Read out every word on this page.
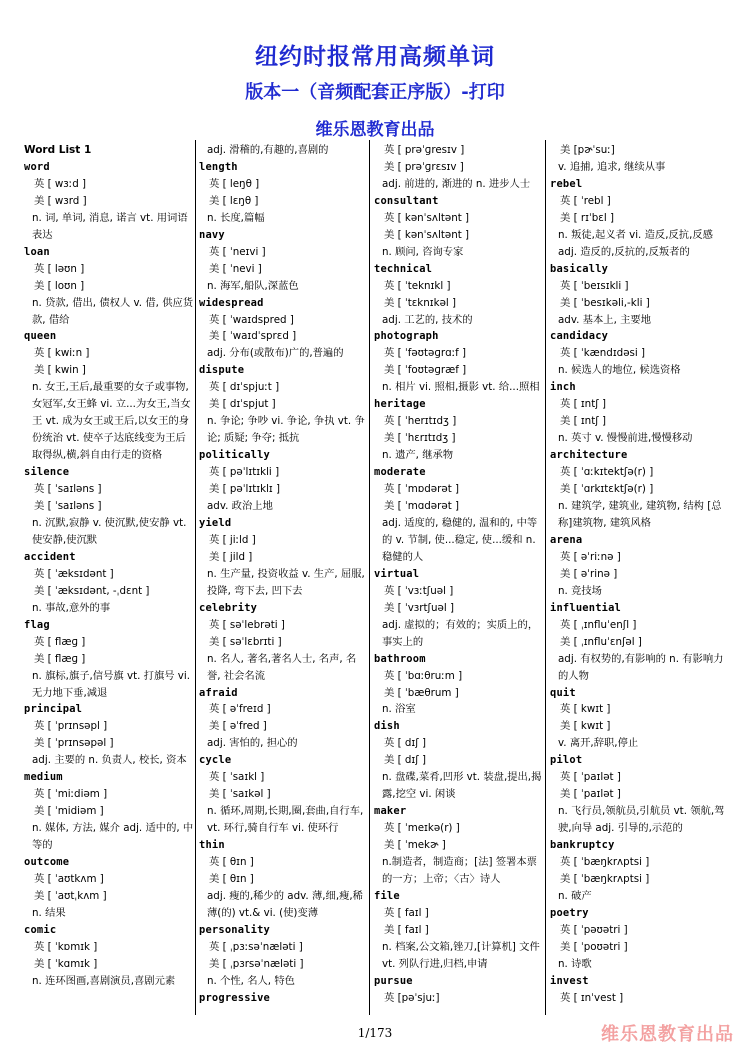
纽约时报常用高频单词
版本一（音频配套正序版）-打印
维乐恩教育出品
Word List 1
word
英 [ wɜːd ]
美 [ wɜrd ]
n. 词, 单词, 消息, 诺言 vt. 用词语表达
loan
英 [ ləʊn ]
美 [ loʊn ]
n. 贷款, 借出, 债权人 v. 借, 供应货款, 借给
queen
英 [ kwiːn ]
美 [ kwin ]
n. 女王,王后,最重要的女子或事物,女冠军,女王蜂 vi. 立...为女王,当女王 vt. 成为女王或王后,以女王的身份统治 vt. 使卒子达底线变为王后取得纵,横,斜自由行走的资格
silence
英 [ ˈsaɪləns ]
美 [ ˈsaɪləns ]
n. 沉默,寂静 v. 使沉默,使安静 vt. 使安静,使沉默
accident
英 [ ˈæksɪdənt ]
美 [ ˈæksɪdənt, -ˌdɛnt ]
n. 事故,意外的事
flag
英 [ flæɡ ]
美 [ flæɡ ]
n. 旗标,旗子,信号旗 vt. 打旗号 vi. 无力地下垂,减退
principal
英 [ ˈprɪnsəpl ]
美 [ ˈprɪnsəpəl ]
adj. 主要的 n. 负责人, 校长, 资本
medium
英 [ ˈmiːdiəm ]
美 [ ˈmidiəm ]
n. 媒体, 方法, 媒介 adj. 适中的, 中等的
outcome
英 [ ˈaʊtkʌm ]
美 [ ˈaʊtˌkʌm ]
n. 结果
comic
英 [ ˈkɒmɪk ]
美 [ ˈkɑmɪk ]
n. 连环图画,喜剧演员,喜剧元素
adj. 滑稽的,有趣的,喜剧的
length
英 [ leŋθ ]
美 [ lɛŋθ ]
n. 长度,篇幅
navy
英 [ ˈneɪvi ]
美 [ ˈnevi ]
n. 海军,船队,深蓝色
widespread
英 [ ˈwaɪdspred ]
美 [ ˈwaɪdˈsprɛd ]
adj. 分布(或散布)广的,普遍的
dispute
英 [ dɪˈspjuːt ]
美 [ dɪˈspjut ]
n. 争论; 争吵 vi. 争论, 争执 vt. 争论; 质疑; 争夺; 抵抗
politically
英 [ pəˈlɪtɪkli ]
美 [ pəˈlɪtɪklɪ ]
adv. 政治上地
yield
英 [ jiːld ]
美 [ jild ]
n. 生产量, 投资收益 v. 生产, 屈服, 投降, 弯下去, 凹下去
celebrity
英 [ səˈlebrəti ]
美 [ səˈlɛbrɪti ]
n. 名人, 著名,著名人士, 名声, 名誉, 社会名流
afraid
英 [ əˈfreɪd ]
美 [ əˈfred ]
adj. 害怕的, 担心的
cycle
英 [ ˈsaɪkl ]
美 [ ˈsaɪkəl ]
n. 循环,周期,长期,圈,套曲,自行车, vt. 环行,骑自行车 vi. 使环行
thin
英 [ θɪn ]
美 [ θɪn ]
adj. 瘦的,稀少的 adv. 薄,细,瘦,稀薄(的) vt.& vi. (使)变薄
personality
英 [ ˌpɜːsəˈnæləti ]
美 [ ˌpɜrsəˈnæləti ]
n. 个性, 名人, 特色
progressive
英 [ prəˈɡresɪv ]
美 [ prəˈɡrɛsɪv ]
adj. 前进的, 渐进的 n. 进步人士
consultant
英 [ kənˈsʌltənt ]
美 [ kənˈsʌltənt ]
n. 顾问, 咨询专家
technical
英 [ ˈteknɪkl ]
美 [ ˈtɛknɪkəl ]
adj. 工艺的, 技术的
photograph
英 [ ˈfəʊtəɡrɑːf ]
美 [ ˈfoʊtəɡræf ]
n. 相片 vi. 照相,摄影 vt. 给...照相
heritage
英 [ ˈherɪtɪdʒ ]
美 [ ˈhɛrɪtɪdʒ ]
n. 遗产, 继承物
moderate
英 [ ˈmɒdərət ]
美 [ ˈmɑdərət ]
adj. 适度的, 稳健的, 温和的, 中等的 v. 节制, 使...稳定, 使...缓和 n. 稳健的人
virtual
英 [ ˈvɜːtʃuəl ]
美 [ ˈvɜrtʃuəl ]
adj. 虚拟的；有效的；实质上的，事实上的
bathroom
英 [ ˈbɑːθruːm ]
美 [ ˈbæθrum ]
n. 浴室
dish
英 [ dɪʃ ]
美 [ dɪʃ ]
n. 盘碟,菜肴,凹形 vt. 装盘,提出,揭露,挖空 vi. 闲谈
maker
英 [ ˈmeɪkə(r) ]
美 [ ˈmekɚ ]
n.制造者，制造商；[法] 签署本票的一方；上帝；〈古〉诗人
file
英 [ faɪl ]
美 [ faɪl ]
n. 档案,公文箱,锉刀,[计算机] 文件 vt. 列队行进,归档,申请
pursue
英 [pəˈsjuː]
美 [pɚˈsuː]
v. 追捕, 追求, 继续从事
rebel
英 [ ˈrebl ]
美 [ rɪˈbɛl ]
n. 叛徒,起义者 vi. 造反,反抗,反感 adj. 造反的,反抗的,反叛者的
basically
英 [ ˈbeɪsɪkli ]
美 [ ˈbesɪkəli,-kli ]
adv. 基本上, 主要地
candidacy
英 [ ˈkændɪdəsi ]
n. 候选人的地位, 候选资格
inch
英 [ ɪntʃ ]
美 [ ɪntʃ ]
n. 英寸 v. 慢慢前进,慢慢移动
architecture
英 [ ˈɑːkɪtektʃə(r) ]
美 [ ˈɑrkɪtɛktʃə(r) ]
n. 建筑学, 建筑业, 建筑物, 结构 [总称]建筑物, 建筑风格
arena
英 [ əˈriːnə ]
美 [ əˈrinə ]
n. 竞技场
influential
英 [ ˌɪnfluˈenʃl ]
美 [ ˌɪnfluˈɛnʃəl ]
adj. 有权势的,有影响的 n. 有影响力的人物
quit
英 [ kwɪt ]
美 [ kwɪt ]
v. 离开,辞职,停止
pilot
英 [ ˈpaɪlət ]
美 [ ˈpaɪlət ]
n. 飞行员,领航员,引航员 vt. 领航,驾驶,向导 adj. 引导的,示范的
bankruptcy
英 [ ˈbæŋkrʌptsi ]
美 [ ˈbæŋkrʌptsi ]
n. 破产
poetry
英 [ ˈpəʊətri ]
美 [ ˈpoʊətri ]
n. 诗歌
invest
英 [ ɪnˈvest ]
1/173	维乐恩教育出品
